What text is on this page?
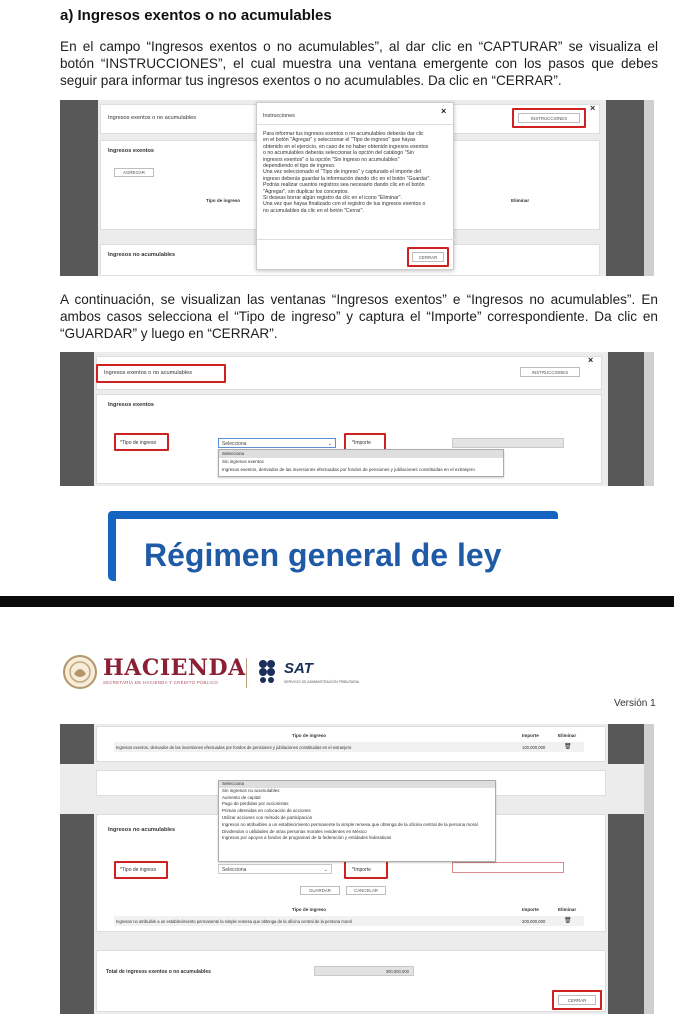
a) Ingresos exentos o no acumulables
En el campo “Ingresos exentos o no acumulables”, al dar clic en “CAPTURAR” se visualiza el botón “INSTRUCCIONES”, el cual muestra una ventana emergente con los pasos que debes seguir para informar tus ingresos exentos o no acumulables. Da clic en “CERRAR”.
Ingresos exentos o no acumulables	INSTRUCCIONES
×
Ingresos exentos
AGREGAR
Tipo de ingreso	Eliminar
Ingresos no acumulables
Instrucciones	×
Para informar tus ingresos exentos o no acumulables deberás dar clic
en el botón "Agregar" y seleccionar el "Tipo de ingreso" que hayas
obtenido en el ejercicio, en caso de no haber obtenido ingresos exentos
o no acumulables deberás seleccionar la opción del catálogo "Sin
ingresos exentos" o la opción "Sin ingreso no acumulables"
dependiendo el tipo de ingreso.
Una vez seleccionado el "Tipo de ingreso" y capturado el importe del
ingreso deberás guardar la información dando clic en el botón "Guardar".
Podrás realizar cuantos registros sea necesario dando clic en el botón
"Agregar", sin duplicar los conceptos.
Si deseas borrar algún registro da clic en el icono "Eliminar".
Una vez que hayas finalizado con el registro de tus ingresos exentos o
no acumulables da clic en el botón "Cerrar".
CERRAR
A continuación, se visualizan las ventanas “Ingresos exentos” e “Ingresos no acumulables”. En ambos casos selecciona el “Tipo de ingreso” y captura el “Importe” correspondiente. Da clic en “GUARDAR” y luego en “CERRAR”.
Ingresos exentos o no acumulables	INSTRUCCIONES
×
Ingresos exentos
*Tipo de ingreso	Selecciona	⌄	*Importe
Selecciona
Sin ingresos exentos
Ingresos exentos, derivados de las inversiones efectuadas por fondos de pensiones y jubilaciones constituidas en el extranjero
Régimen general de ley
HACIENDA
SECRETARÍA DE HACIENDA Y CRÉDITO PÚBLICO
SAT
SERVICIO DE ADMINISTRACIÓN TRIBUTARIA
Versión 1
Tipo de ingreso	Importe	Eliminar
Ingresos exentos, derivados de las inversiones efectuadas por fondos de pensiones y jubilaciones constituidas en el extranjero	100,000,000	🗑
Ingresos no acumulables
*Tipo de ingreso	Selecciona	⌄	*Importe
GUARDAR	CANCELAR
Tipo de ingreso	Importe	Eliminar
Ingresos no atribuible a un establecimiento permanente la simple remesa que obtenga de la oficina central de la persona moral	200,000,000	🗑
Total de ingresos exentos o no acumulables	300,000,000
CERRAR
Selecciona
Sin ingresos no acumulables
Aumento de capital
Pago de pérdidas por accionistas
Primas obtenidas en colocación de acciones
Utilizar acciones con método de participación
Ingresos no atribuibles a un establecimiento permanente la simple remesa que obtenga de la oficina central de la persona moral
Dividendos o utilidades de otras personas morales residentes en México
Ingresos por apoyos a fondos de programas de la federación y entidades federativas
